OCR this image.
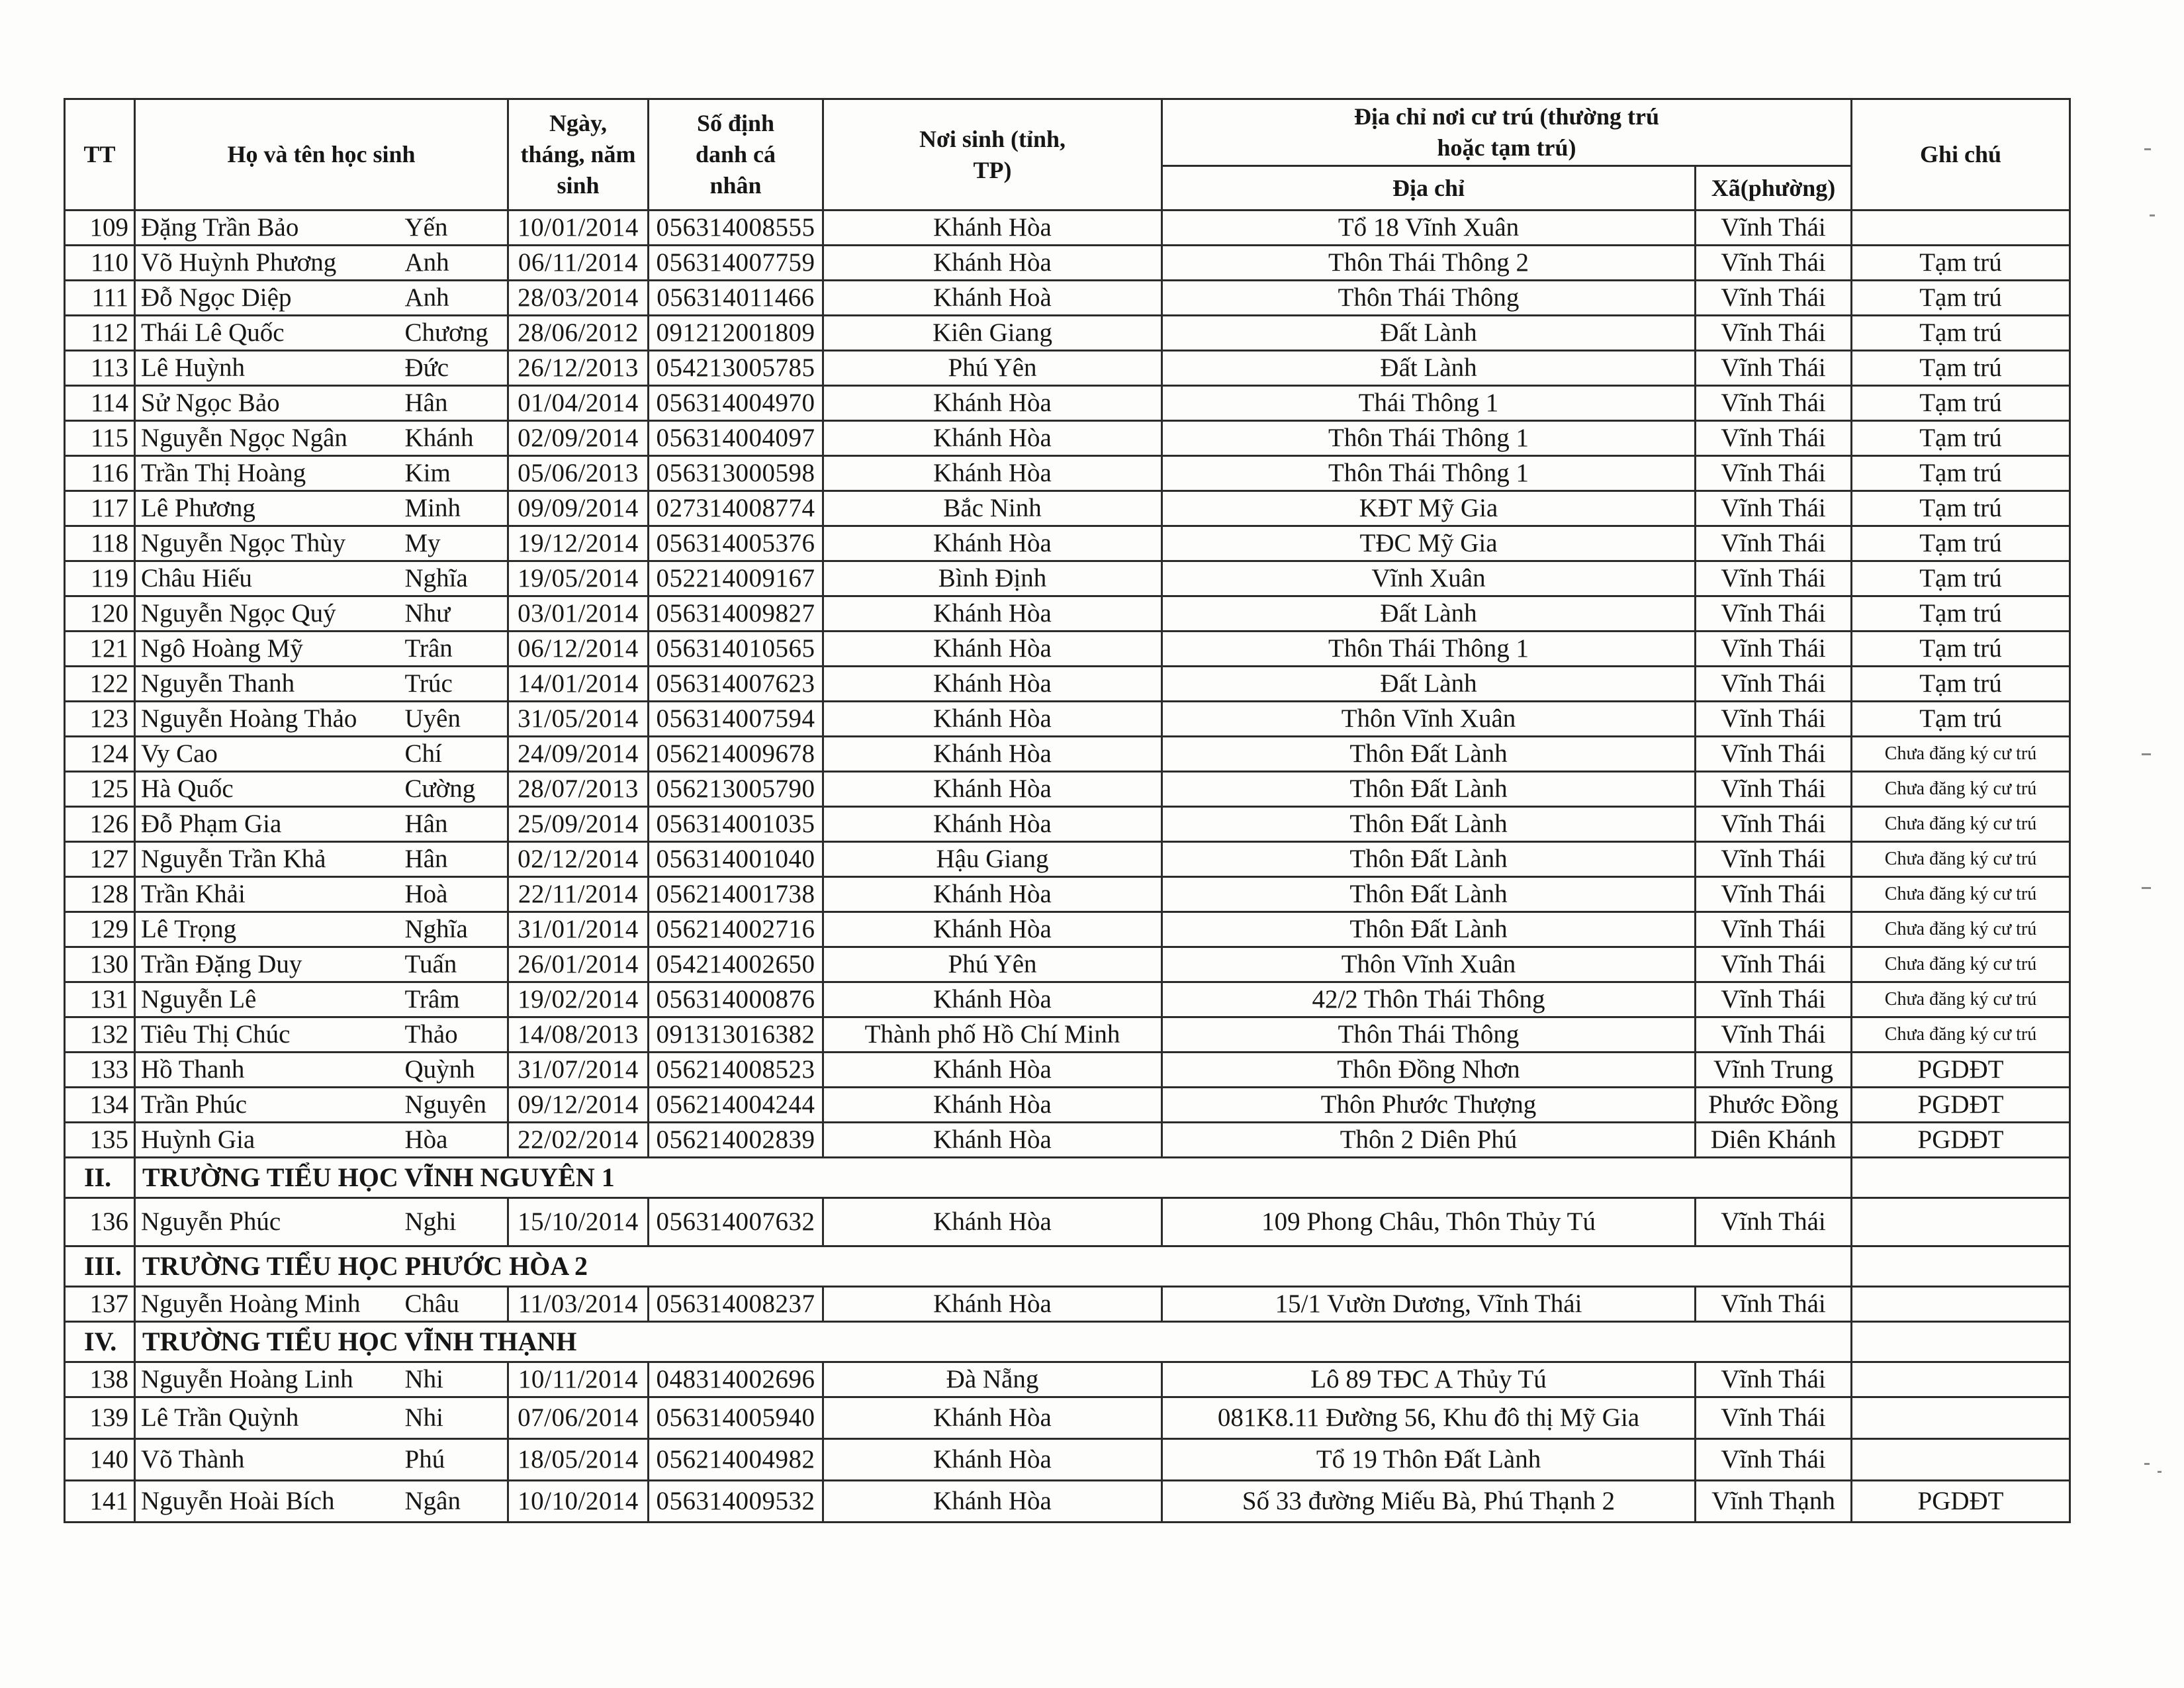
TT	Họ và tên học sinh		Ngày, tháng, năm sinh	Số định danh cá nhân	Nơi sinh (tỉnh, TP)	Địa chỉ nơi cư trú (thường trú hoặc tạm trú)		Ghi chú
						Địa chỉ	Xã(phường)	
109	Đặng Trần Bảo	Yến	10/01/2014	056314008555	Khánh Hòa	Tổ 18 Vĩnh Xuân	Vĩnh Thái	
110	Võ Huỳnh Phương	Anh	06/11/2014	056314007759	Khánh Hòa	Thôn Thái Thông 2	Vĩnh Thái	Tạm trú
111	Đỗ Ngọc Diệp	Anh	28/03/2014	056314011466	Khánh Hoà	Thôn Thái Thông	Vĩnh Thái	Tạm trú
112	Thái Lê Quốc	Chương	28/06/2012	091212001809	Kiên Giang	Đất Lành	Vĩnh Thái	Tạm trú
113	Lê Huỳnh	Đức	26/12/2013	054213005785	Phú Yên	Đất Lành	Vĩnh Thái	Tạm trú
114	Sử Ngọc Bảo	Hân	01/04/2014	056314004970	Khánh Hòa	Thái Thông 1	Vĩnh Thái	Tạm trú
115	Nguyễn Ngọc Ngân	Khánh	02/09/2014	056314004097	Khánh Hòa	Thôn Thái Thông 1	Vĩnh Thái	Tạm trú
116	Trần Thị Hoàng	Kim	05/06/2013	056313000598	Khánh Hòa	Thôn Thái Thông 1	Vĩnh Thái	Tạm trú
117	Lê Phương	Minh	09/09/2014	027314008774	Bắc Ninh	KĐT Mỹ Gia	Vĩnh Thái	Tạm trú
118	Nguyễn Ngọc Thùy	My	19/12/2014	056314005376	Khánh Hòa	TĐC Mỹ Gia	Vĩnh Thái	Tạm trú
119	Châu Hiếu	Nghĩa	19/05/2014	052214009167	Bình Định	Vĩnh Xuân	Vĩnh Thái	Tạm trú
120	Nguyễn Ngọc Quý	Như	03/01/2014	056314009827	Khánh Hòa	Đất Lành	Vĩnh Thái	Tạm trú
121	Ngô Hoàng Mỹ	Trân	06/12/2014	056314010565	Khánh Hòa	Thôn Thái Thông 1	Vĩnh Thái	Tạm trú
122	Nguyễn Thanh	Trúc	14/01/2014	056314007623	Khánh Hòa	Đất Lành	Vĩnh Thái	Tạm trú
123	Nguyễn Hoàng Thảo	Uyên	31/05/2014	056314007594	Khánh Hòa	Thôn Vĩnh Xuân	Vĩnh Thái	Tạm trú
124	Vy Cao	Chí	24/09/2014	056214009678	Khánh Hòa	Thôn Đất Lành	Vĩnh Thái	Chưa đăng ký cư trú
125	Hà Quốc	Cường	28/07/2013	056213005790	Khánh Hòa	Thôn Đất Lành	Vĩnh Thái	Chưa đăng ký cư trú
126	Đỗ Phạm Gia	Hân	25/09/2014	056314001035	Khánh Hòa	Thôn Đất Lành	Vĩnh Thái	Chưa đăng ký cư trú
127	Nguyễn Trần Khả	Hân	02/12/2014	056314001040	Hậu Giang	Thôn Đất Lành	Vĩnh Thái	Chưa đăng ký cư trú
128	Trần Khải	Hoà	22/11/2014	056214001738	Khánh Hòa	Thôn Đất Lành	Vĩnh Thái	Chưa đăng ký cư trú
129	Lê Trọng	Nghĩa	31/01/2014	056214002716	Khánh Hòa	Thôn Đất Lành	Vĩnh Thái	Chưa đăng ký cư trú
130	Trần Đặng Duy	Tuấn	26/01/2014	054214002650	Phú Yên	Thôn Vĩnh Xuân	Vĩnh Thái	Chưa đăng ký cư trú
131	Nguyễn Lê	Trâm	19/02/2014	056314000876	Khánh Hòa	42/2 Thôn Thái Thông	Vĩnh Thái	Chưa đăng ký cư trú
132	Tiêu Thị Chúc	Thảo	14/08/2013	091313016382	Thành phố Hồ Chí Minh	Thôn Thái Thông	Vĩnh Thái	Chưa đăng ký cư trú
133	Hồ Thanh	Quỳnh	31/07/2014	056214008523	Khánh Hòa	Thôn Đồng Nhơn	Vĩnh Trung	PGDĐT
134	Trần Phúc	Nguyên	09/12/2014	056214004244	Khánh Hòa	Thôn Phước Thượng	Phước Đồng	PGDĐT
135	Huỳnh Gia	Hòa	22/02/2014	056214002839	Khánh Hòa	Thôn 2 Diên Phú	Diên Khánh	PGDĐT
II.	TRƯỜNG TIỂU HỌC VĨNH NGUYÊN 1							
136	Nguyễn Phúc	Nghi	15/10/2014	056314007632	Khánh Hòa	109 Phong Châu, Thôn Thủy Tú	Vĩnh Thái	
III.	TRƯỜNG TIỂU HỌC PHƯỚC HÒA 2							
137	Nguyễn Hoàng Minh	Châu	11/03/2014	056314008237	Khánh Hòa	15/1 Vườn Dương, Vĩnh Thái	Vĩnh Thái	
IV.	TRƯỜNG TIỂU HỌC VĨNH THẠNH							
138	Nguyễn Hoàng Linh	Nhi	10/11/2014	048314002696	Đà Nẵng	Lô 89 TĐC A Thủy Tú	Vĩnh Thái	
139	Lê Trần Quỳnh	Nhi	07/06/2014	056314005940	Khánh Hòa	081K8.11 Đường 56, Khu đô thị Mỹ Gia	Vĩnh Thái	
140	Võ Thành	Phú	18/05/2014	056214004982	Khánh Hòa	Tổ 19 Thôn Đất Lành	Vĩnh Thái	
141	Nguyễn Hoài Bích	Ngân	10/10/2014	056314009532	Khánh Hòa	Số 33 đường Miếu Bà, Phú Thạnh 2	Vĩnh Thạnh	PGDĐT
